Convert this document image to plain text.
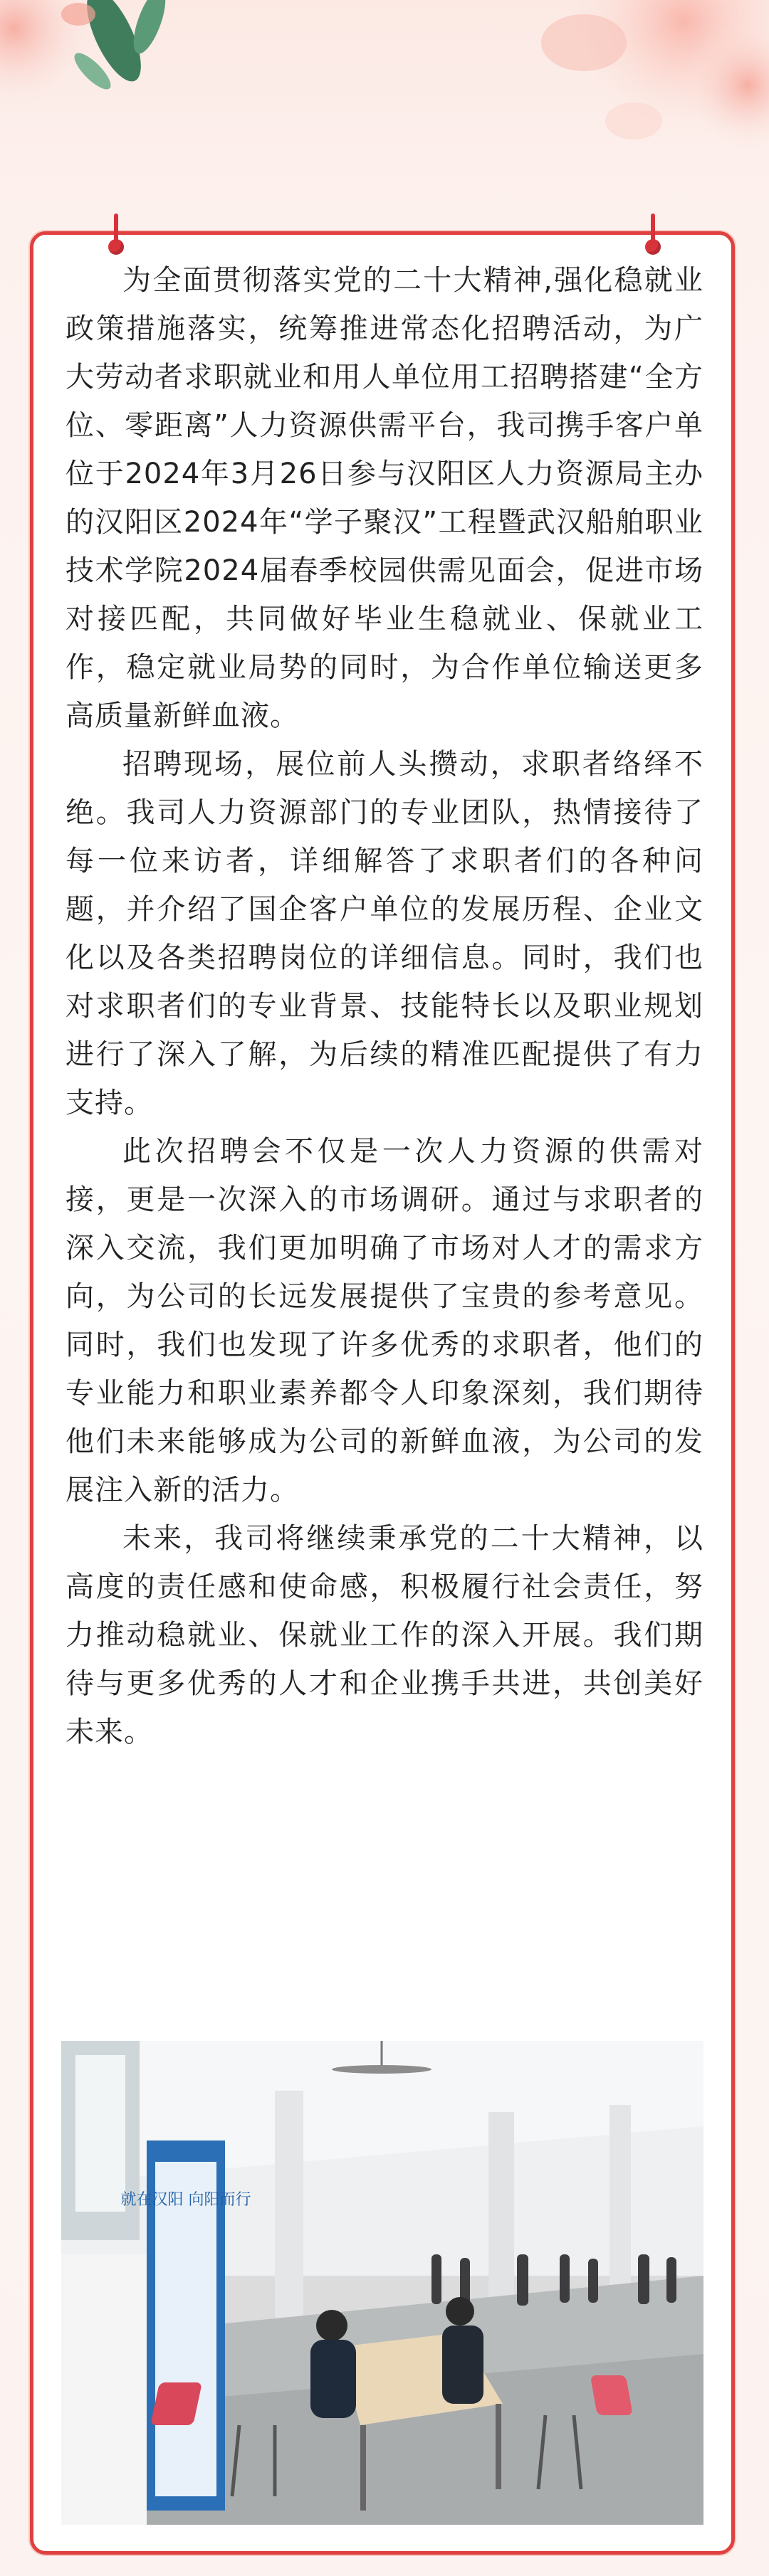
为全面贯彻落实党的二十大精神,强化稳就业政策措施落实，统筹推进常态化招聘活动，为广大劳动者求职就业和用人单位用工招聘搭建“全方位、零距离”人力资源供需平台，我司携手客户单位于2024年3月26日参与汉阳区人力资源局主办的汉阳区2024年“学子聚汉”工程暨武汉船舶职业技术学院2024届春季校园供需见面会，促进市场对接匹配，共同做好毕业生稳就业、保就业工作，稳定就业局势的同时，为合作单位输送更多高质量新鲜血液。

招聘现场，展位前人头攒动，求职者络绎不绝。我司人力资源部门的专业团队，热情接待了每一位来访者，详细解答了求职者们的各种问题，并介绍了国企客户单位的发展历程、企业文化以及各类招聘岗位的详细信息。同时，我们也对求职者们的专业背景、技能特长以及职业规划进行了深入了解，为后续的精准匹配提供了有力支持。

此次招聘会不仅是一次人力资源的供需对接，更是一次深入的市场调研。通过与求职者的深入交流，我们更加明确了市场对人才的需求方向，为公司的长远发展提供了宝贵的参考意见。同时，我们也发现了许多优秀的求职者，他们的专业能力和职业素养都令人印象深刻，我们期待他们未来能够成为公司的新鲜血液，为公司的发展注入新的活力。

未来，我司将继续秉承党的二十大精神，以高度的责任感和使命感，积极履行社会责任，努力推动稳就业、保就业工作的深入开展。我们期待与更多优秀的人才和企业携手共进，共创美好未来。

就在汉阳 向阳而行
